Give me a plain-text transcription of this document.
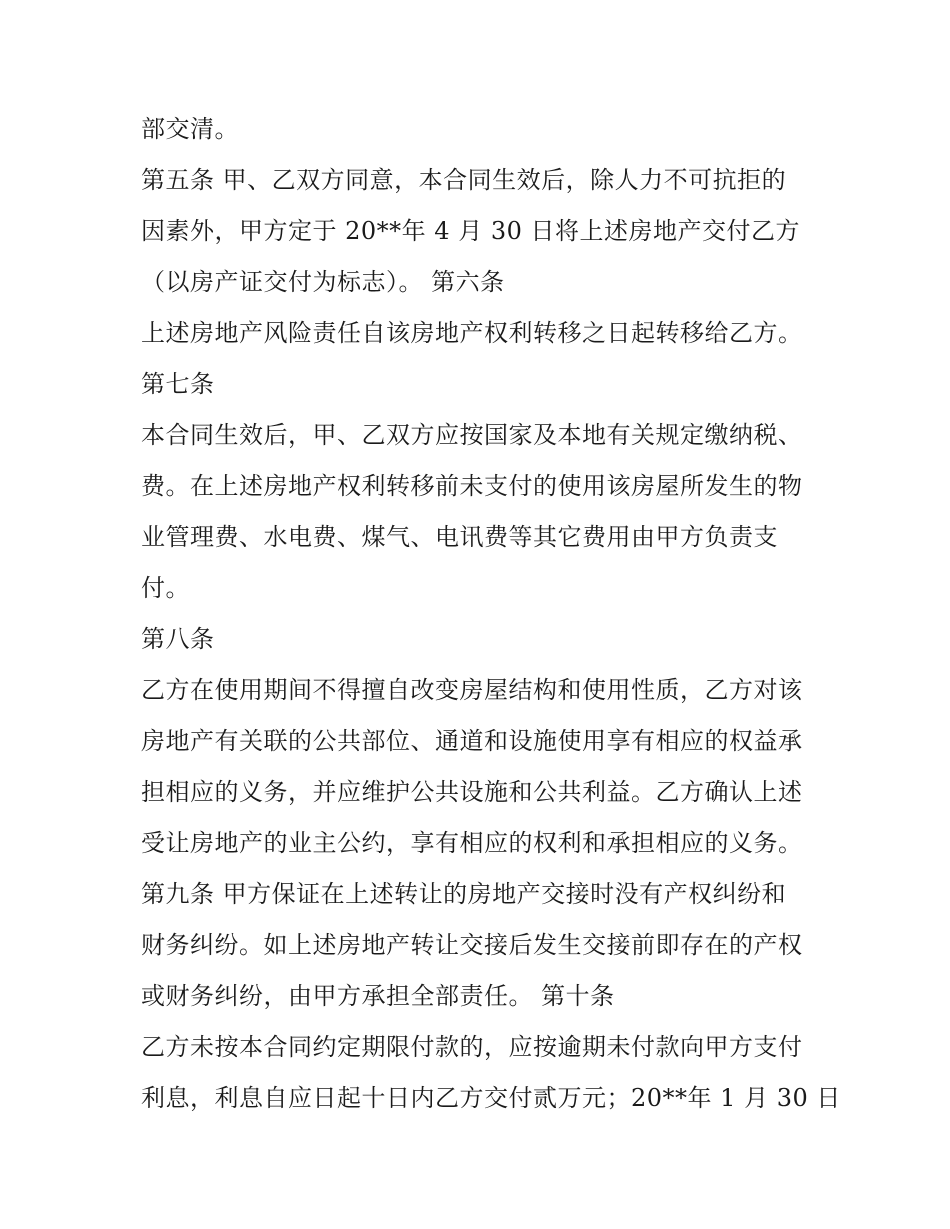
部交清。
第五条 甲、乙双方同意，本合同生效后，除人力不可抗拒的
因素外，甲方定于 20**年 4 月 30 日将上述房地产交付乙方
（以房产证交付为标志）。 第六条
上述房地产风险责任自该房地产权利转移之日起转移给乙方。
第七条
本合同生效后，甲、乙双方应按国家及本地有关规定缴纳税、
费。在上述房地产权利转移前未支付的使用该房屋所发生的物
业管理费、水电费、煤气、电讯费等其它费用由甲方负责支
付。
第八条
乙方在使用期间不得擅自改变房屋结构和使用性质，乙方对该
房地产有关联的公共部位、通道和设施使用享有相应的权益承
担相应的义务，并应维护公共设施和公共利益。乙方确认上述
受让房地产的业主公约，享有相应的权利和承担相应的义务。
第九条 甲方保证在上述转让的房地产交接时没有产权纠纷和
财务纠纷。如上述房地产转让交接后发生交接前即存在的产权
或财务纠纷，由甲方承担全部责任。 第十条
乙方未按本合同约定期限付款的，应按逾期未付款向甲方支付
利息，利息自应日起十日内乙方交付贰万元；20**年 1 月 30 日
